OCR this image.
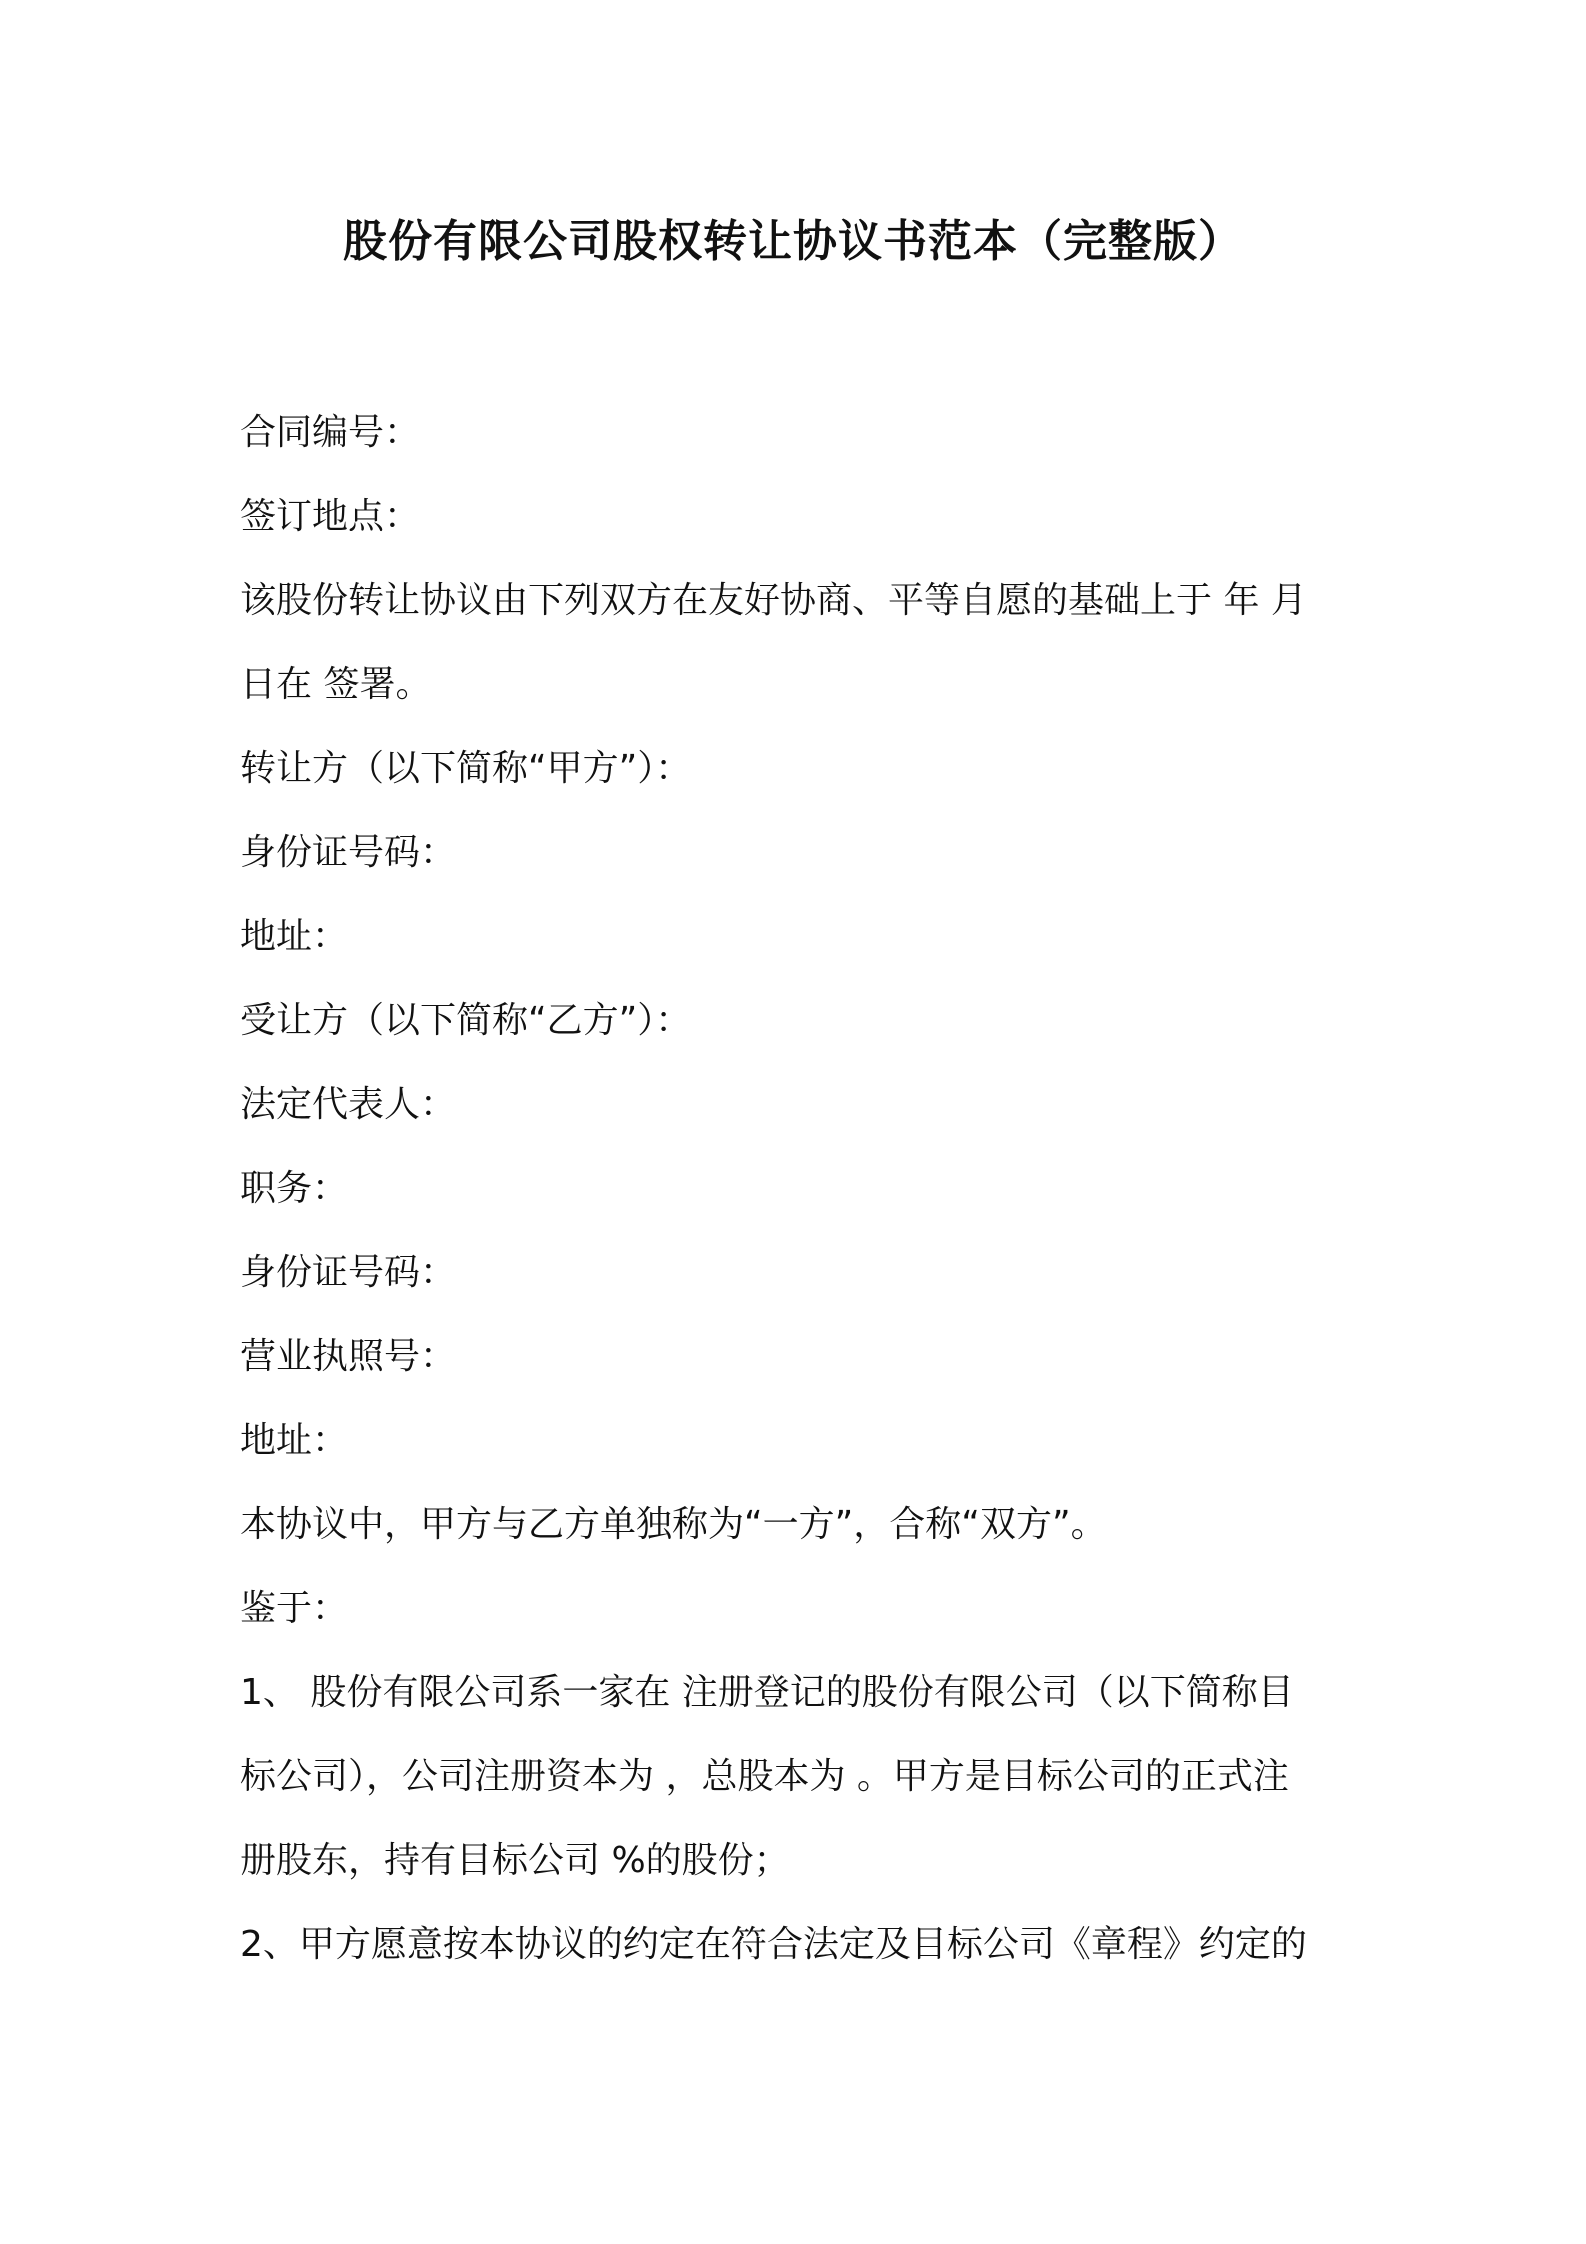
股份有限公司股权转让协议书范本（完整版）

合同编号：

签订地点：

该股份转让协议由下列双方在友好协商、平等自愿的基础上于 年 月

日在 签署。

转让方（以下简称“甲方”）：

身份证号码：

地址：

受让方（以下简称“乙方”）：

法定代表人：

职务：

身份证号码：

营业执照号：

地址：

本协议中，甲方与乙方单独称为“一方”，合称“双方”。

鉴于：

1、 股份有限公司系一家在 注册登记的股份有限公司（以下简称目

标公司），公司注册资本为 ，总股本为 。甲方是目标公司的正式注

册股东，持有目标公司 %的股份；

2、甲方愿意按本协议的约定在符合法定及目标公司《章程》约定的
